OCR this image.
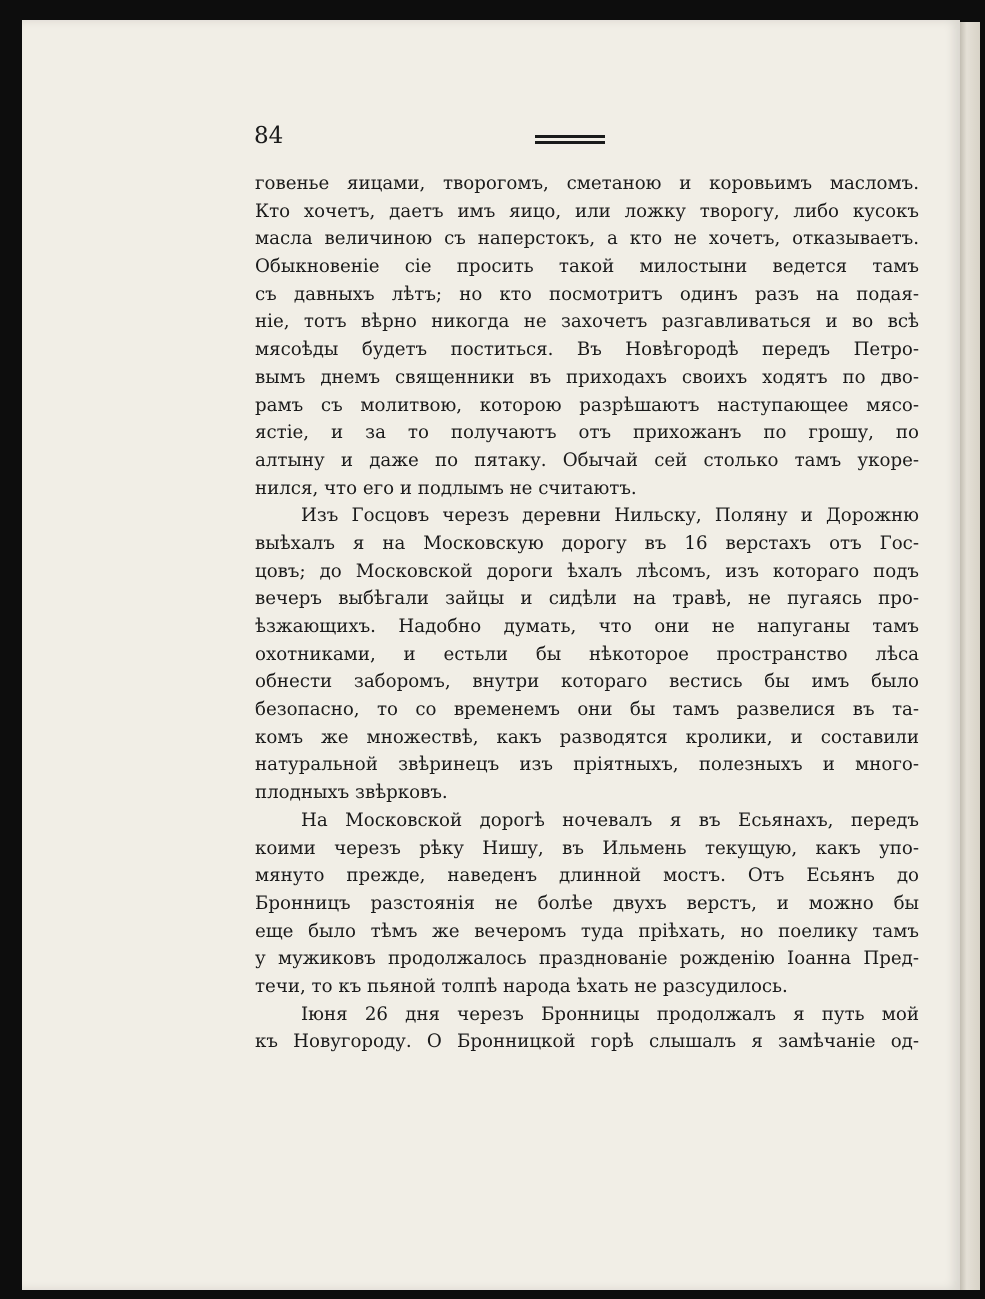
84
говенье яицами, творогомъ, сметаною и коровьимъ масломъ.
Кто хочетъ, даетъ имъ яицо, или ложку творогу, либо кусокъ
масла величиною съ наперстокъ, а кто не хочетъ, отказываетъ.
Обыкновеніе сіе просить такой милостыни ведется тамъ
съ давныхъ лѣтъ; но кто посмотритъ одинъ разъ на подая-
ніе, тотъ вѣрно никогда не захочетъ разгавливаться и во всѣ
мясоѣды будетъ поститься. Въ Новѣгородѣ передъ Петро-
вымъ днемъ священники въ приходахъ своихъ ходятъ по дво-
рамъ съ молитвою, которою разрѣшаютъ наступающее мясо-
ястіе, и за то получаютъ отъ прихожанъ по грошу, по
алтыну и даже по пятаку. Обычай сей столько тамъ укоре-
нился, что его и подлымъ не считаютъ.
Изъ Госцовъ черезъ деревни Нильску, Поляну и Дорожню
выѣхалъ я на Московскую дорогу въ 16 верстахъ отъ Гос-
цовъ; до Московской дороги ѣхалъ лѣсомъ, изъ котораго подъ
вечеръ выбѣгали зайцы и сидѣли на травѣ, не пугаясь про-
ѣзжающихъ. Надобно думать, что они не напуганы тамъ
охотниками, и естьли бы нѣкоторое пространство лѣса
обнести заборомъ, внутри котораго вестись бы имъ было
безопасно, то со временемъ они бы тамъ развелися въ та-
комъ же множествѣ, какъ разводятся кролики, и составили
натуральной звѣринецъ изъ пріятныхъ, полезныхъ и много-
плодныхъ звѣрковъ.
На Московской дорогѣ ночевалъ я въ Есьянахъ, передъ
коими черезъ рѣку Нишу, въ Ильмень текущую, какъ упо-
мянуто прежде, наведенъ длинной мостъ. Отъ Есьянъ до
Бронницъ разстоянія не болѣе двухъ верстъ, и можно бы
еще было тѣмъ же вечеромъ туда пріѣхать, но поелику тамъ
у мужиковъ продолжалось празднованіе рожденію Іоанна Пред-
течи, то къ пьяной толпѣ народа ѣхать не разсудилось.
Іюня 26 дня черезъ Бронницы продолжалъ я путь мой
къ Новугороду. О Бронницкой горѣ слышалъ я замѣчаніе од-
